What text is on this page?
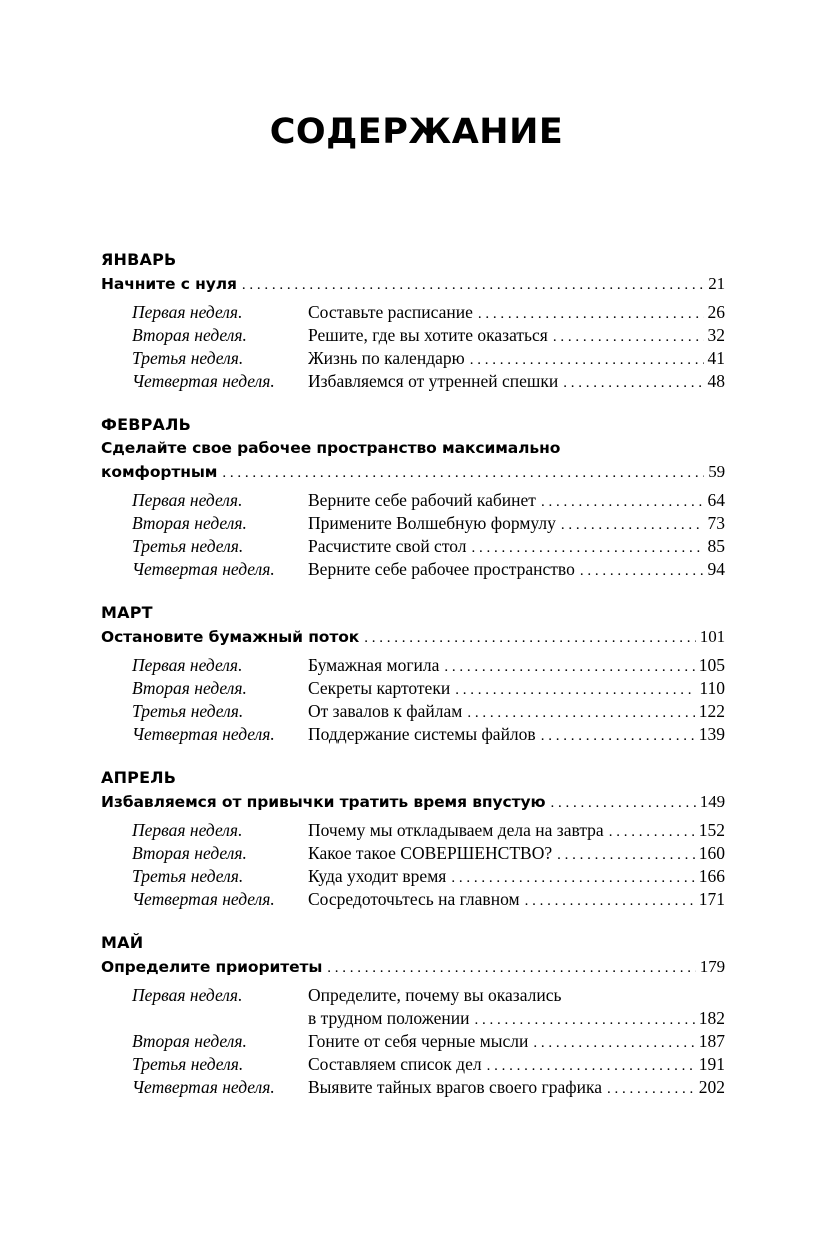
СОДЕРЖАНИЕ
ЯНВАРЬ
Начните с нуля . . .	21
Первая неделя.	Составьте расписание . . .	26
Вторая неделя.	Решите, где вы хотите оказаться . . .	32
Третья неделя.	Жизнь по календарю . . .	41
Четвертая неделя.	Избавляемся от утренней спешки . . .	48
ФЕВРАЛЬ
Сделайте свое рабочее пространство максимально
комфортным . . .	59
Первая неделя.	Верните себе рабочий кабинет . . .	64
Вторая неделя.	Примените Волшебную формулу . . .	73
Третья неделя.	Расчистите свой стол . . .	85
Четвертая неделя.	Верните себе рабочее пространство . . .	94
МАРТ
Остановите бумажный поток . . .	101
Первая неделя.	Бумажная могила . . .	105
Вторая неделя.	Секреты картотеки . . .	110
Третья неделя.	От завалов к файлам . . .	122
Четвертая неделя.	Поддержание системы файлов . . .	139
АПРЕЛЬ
Избавляемся от привычки тратить время впустую . . .	149
Первая неделя.	Почему мы откладываем дела на завтра . . .	152
Вторая неделя.	Какое такое СОВЕРШЕНСТВО? . . .	160
Третья неделя.	Куда уходит время . . .	166
Четвертая неделя.	Сосредоточьтесь на главном . . .	171
МАЙ
Определите приоритеты . . .	179
Первая неделя.	Определите, почему вы оказались
в трудном положении . . .	182
Вторая неделя.	Гоните от себя черные мысли . . .	187
Третья неделя.	Составляем список дел . . .	191
Четвертая неделя.	Выявите тайных врагов своего графика . . .	202
